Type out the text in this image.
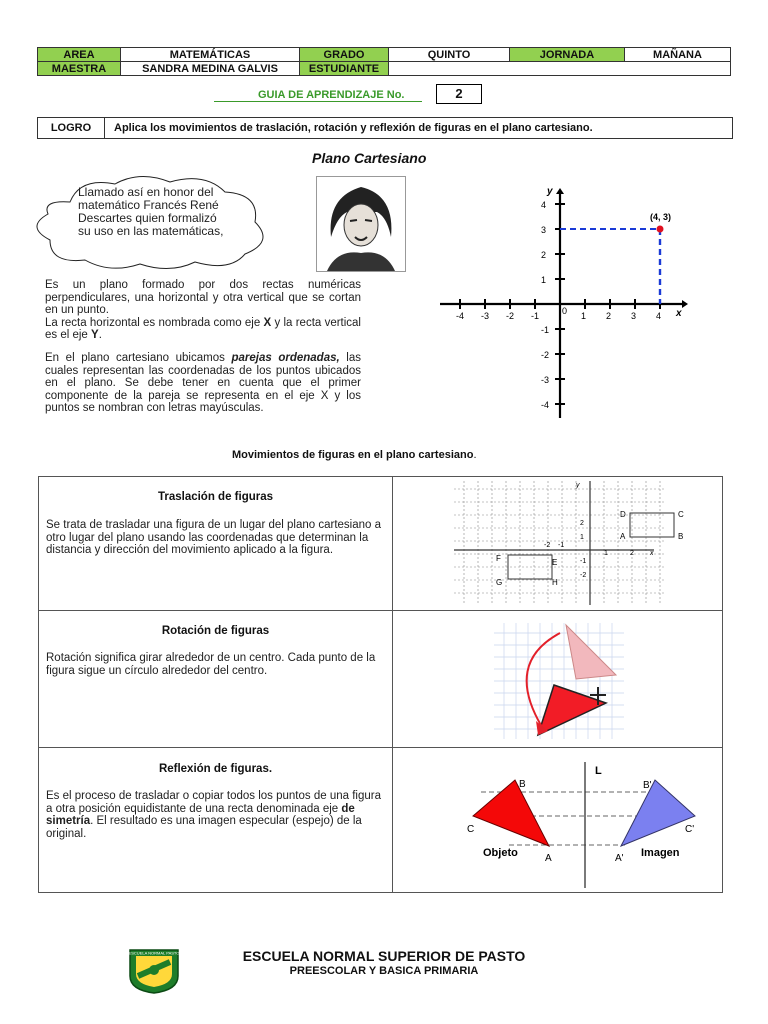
AREA	MATEMÁTICAS	GRADO	QUINTO	JORNADA	MAÑANA
MAESTRA	SANDRA MEDINA GALVIS	ESTUDIANTE			
GUIA DE APRENDIZAJE No.	2
LOGRO	Aplica los movimientos de traslación, rotación y reflexión de figuras en el plano cartesiano.
Plano Cartesiano
Llamado así en honor del matemático Francés René Descartes quien formalizó su uso en las matemáticas,
Es un plano formado por dos rectas numéricas perpendiculares, una horizontal y otra vertical que se cortan en un punto.
La recta horizontal es nombrada como eje X y la recta vertical es el eje Y.
En el plano cartesiano ubicamos parejas ordenadas, las cuales representan las coordenadas de los puntos ubicados en el plano. Se debe tener en cuenta que el primer componente de la pareja se representa en el eje X y los puntos se nombran con letras mayúsculas.
x
y
0
-4 -3 -2 -1	1 2 3 4
4
3
2
1
-1
-2
-3
-4
(4, 3)
Movimientos de figuras en el plano cartesiano.
Traslación de figuras
Se trata de trasladar una figura de un lugar del plano cartesiano a otro lugar del plano usando las coordenadas que determinan la distancia y dirección del movimiento aplicado a la figura.	x
y
D	C
A	B
F	E
G	H
-2 -1
1	2
2
1
-1
-2
Rotación de figuras
Rotación significa girar alrededor de un centro. Cada punto de la figura sigue un círculo alrededor del centro.
Reflexión de figuras.
Es el proceso de trasladar o copiar todos los puntos de una figura a otra posición equidistante de una recta denominada eje de simetría. El resultado es una imagen especular (espejo) de la original.
L
B
C
A
B'
C'
A'
Objeto	Imagen
ESCUELA NORMAL PASTO	ESCUELA NORMAL SUPERIOR DE PASTO
PREESCOLAR Y BASICA PRIMARIA
